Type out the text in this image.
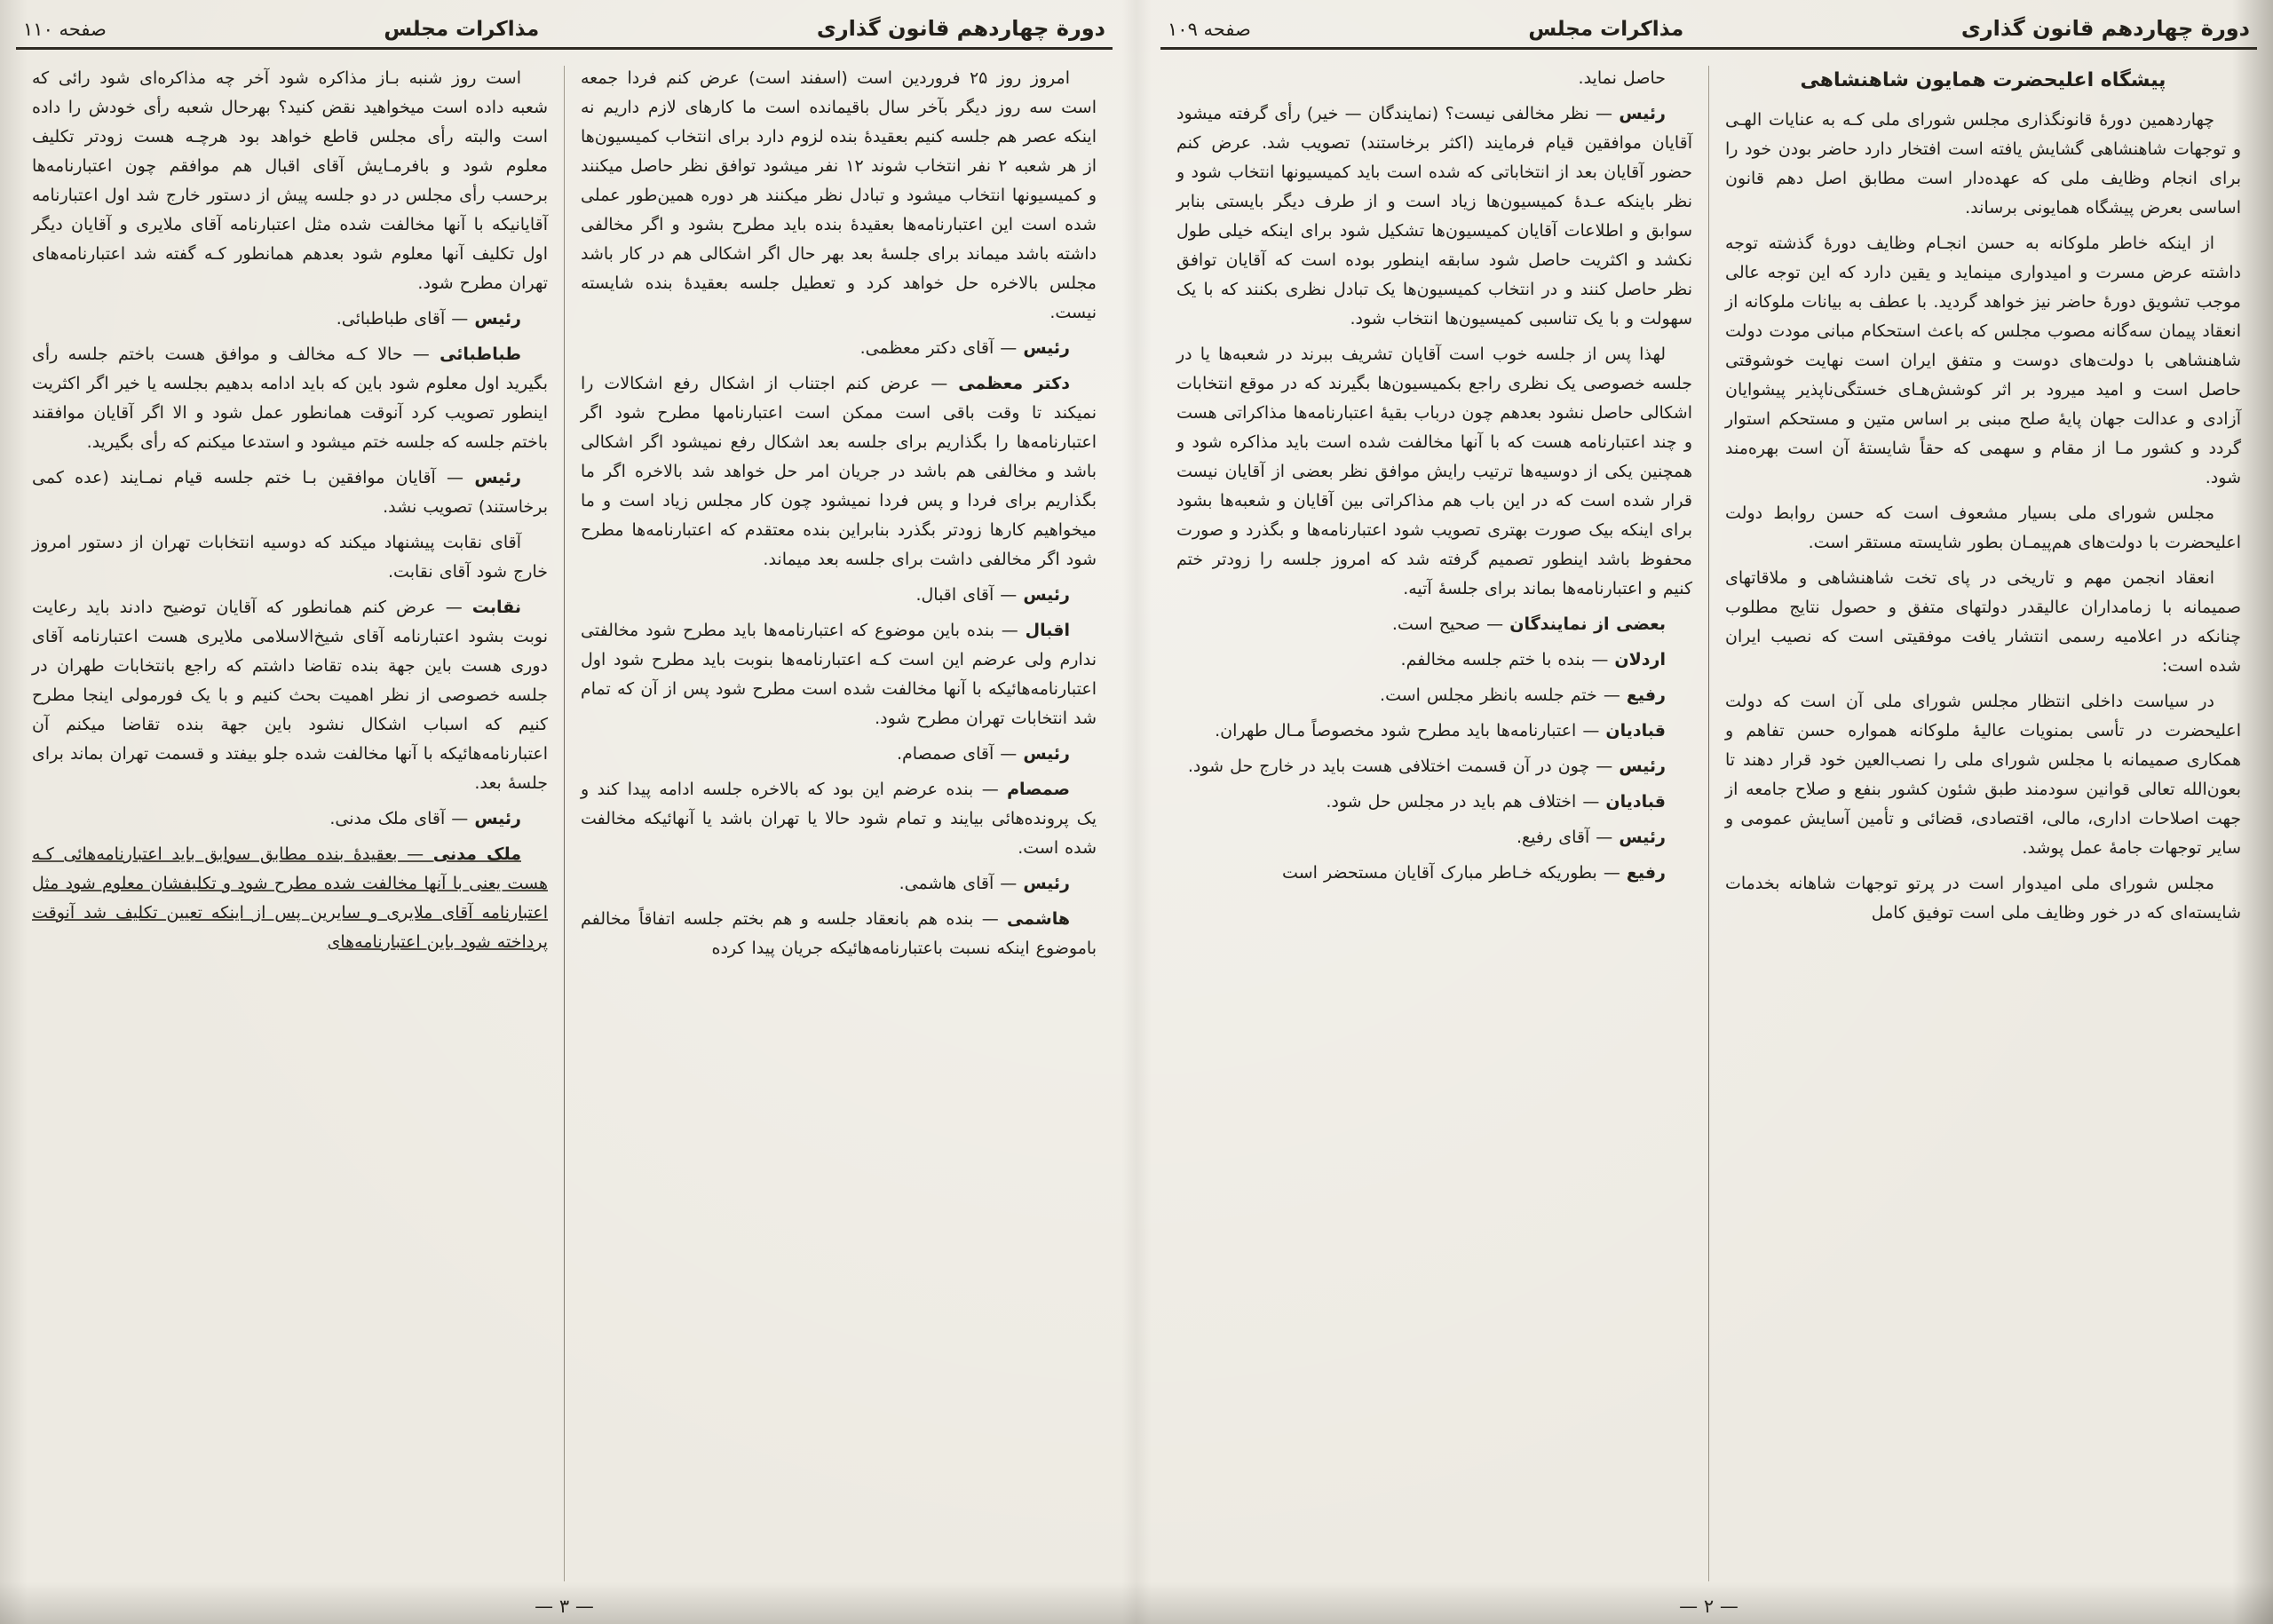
دورة چهاردهم قانون گذاری
مذاکرات مجلس
صفحه ۱۰۹
پیشگاه اعلیحضرت همایون شاهنشاهی

چهاردهمین دورهٔ قانونگذاری مجلس شورای ملی کـه به عنایات الهـی و توجهات شاهنشاهی گشایش یافته است افتخار دارد حاضر بودن خود را برای انجام وظایف ملی که عهده‌دار است مطابق اصل دهم قانون اساسی بعرض پیشگاه همایونی برساند.

از اینکه خاطر ملوکانه به حسن انجـام وظایف دورهٔ گذشته توجه داشته عرض مسرت و امیدواری مینماید و یقین دارد که این توجه عالی موجب تشویق دورهٔ حاضر نیز خواهد گردید. با عطف به بیانات ملوکانه از انعقاد پیمان سه‌گانه مصوب مجلس که باعث استحکام مبانی مودت دولت شاهنشاهی با دولت‌های دوست و متفق ایران است نهایت خوشوقتی حاصل است و امید میرود بر اثر کوشش‌هـای خستگی‌ناپذیر پیشوایان آزادی و عدالت جهان پایهٔ صلح مبنی بر اساس متین و مستحکم استوار گردد و کشور مـا از مقام و سهمی که حقاً شایستهٔ آن است بهره‌مند شود.

مجلس شورای ملی بسیار مشعوف است که حسن روابط دولت اعلیحضرت با دولت‌های هم‌پیمـان بطور شایسته مستقر است.

انعقاد انجمن مهم و تاریخی در پای تخت شاهنشاهی و ملاقاتهای صمیمانه با زمامداران عالیقدر دولتهای متفق و حصول نتایج مطلوب چنانکه در اعلامیه رسمی انتشار یافت موفقیتی است که نصیب ایران شده است:

در سیاست داخلی انتظار مجلس شورای ملی آن است که دولت اعلیحضرت در تأسی بمنویات عالیهٔ ملوکانه همواره حسن تفاهم و همکاری صمیمانه با مجلس شورای ملی را نصب‌العین خود قرار دهند تا بعون‌الله تعالی قوانین سودمند طبق شئون کشور بنفع و صلاح جامعه از جهت اصلاحات اداری، مالی، اقتصادی، قضائی و تأمین آسایش عمومی و سایر توجهات جامهٔ عمل پوشد.

مجلس شورای ملی امیدوار است در پرتو توجهات شاهانه بخدمات شایسته‌ای که در خور وظایف ملی است توفیق کامل

حاصل نماید.

رئیس — نظر مخالفی نیست؟ (نمایندگان — خیر) رأی گرفته میشود آقایان موافقین قیام فرمایند (اکثر برخاستند) تصویب شد. عرض کنم حضور آقایان بعد از انتخاباتی که شده است باید کمیسیونها انتخاب شود و نظر باینکه عـدهٔ کمیسیون‌ها زیاد است و از طرف دیگر بایستی بنابر سوابق و اطلاعات آقایان کمیسیون‌ها تشکیل شود برای اینکه خیلی طول نکشد و اکثریت حاصل شود سابقه اینطور بوده است که آقایان توافق نظر حاصل کنند و در انتخاب کمیسیون‌ها یک تبادل نظری بکنند که با یک سهولت و با یک تناسبی کمیسیون‌ها انتخاب شود.

لهذا پس از جلسه خوب است آقایان تشریف ببرند در شعبه‌ها یا در جلسه خصوصی یک نظری راجع بکمیسیون‌ها بگیرند که در موقع انتخابات اشکالی حاصل نشود بعدهم چون درباب بقیهٔ اعتبارنامه‌ها مذاکراتی هست و چند اعتبارنامه هست که با آنها مخالفت شده است باید مذاکره شود و همچنین یکی از دوسیه‌ها ترتیب رایش موافق نظر بعضی از آقایان نیست قرار شده است که در این باب هم مذاکراتی بین آقایان و شعبه‌ها بشود برای اینکه بیک صورت بهتری تصویب شود اعتبارنامه‌ها و بگذرد و صورت محفوظ باشد اینطور تصمیم گرفته شد که امروز جلسه را زودتر ختم کنیم و اعتبارنامه‌ها بماند برای جلسهٔ آتیه.

بعضی از نمایندگان — صحیح است.

اردلان — بنده با ختم جلسه مخالفم.

رفیع — ختم جلسه بانظر مجلس است.

قبادیان — اعتبارنامه‌ها باید مطرح شود مخصوصاً مـال طهران.

رئیس — چون در آن قسمت اختلافی هست باید در خارج حل شود.

قبادیان — اختلاف هم باید در مجلس حل شود.

رئیس — آقای رفیع.

رفیع — بطوریکه خـاطر مبارک آقایان مستحضر است

— ۲ —
دورة چهاردهم قانون گذاری
مذاکرات مجلس
صفحه ۱۱۰

امروز روز ۲۵ فروردین است (اسفند است) عرض کنم فردا جمعه است سه روز دیگر بآخر سال باقیمانده است ما کارهای لازم داریم نه اینکه عصر هم جلسه کنیم بعقیدهٔ بنده لزوم دارد برای انتخاب کمیسیون‌ها از هر شعبه ۲ نفر انتخاب شوند ۱۲ نفر میشود توافق نظر حاصل میکنند و کمیسیونها انتخاب میشود و تبادل نظر میکنند هر دوره همین‌طور عملی شده است این اعتبارنامه‌ها بعقیدهٔ بنده باید مطرح بشود و اگر مخالفی داشته باشد میماند برای جلسهٔ بعد بهر حال اگر اشکالی هم در کار باشد مجلس بالاخره حل خواهد کرد و تعطیل جلسه بعقیدهٔ بنده شایسته نیست.

رئیس — آقای دکتر معظمی.

دکتر معظمی — عرض کنم اجتناب از اشکال رفع اشکالات را نمیکند تا وقت باقی است ممکن است اعتبارنامها مطرح شود اگر اعتبارنامه‌ها را بگذاریم برای جلسه بعد اشکال رفع نمیشود اگر اشکالی باشد و مخالفی هم باشد در جریان امر حل خواهد شد بالاخره اگر ما بگذاریم برای فردا و پس فردا نمیشود چون کار مجلس زیاد است و ما میخواهیم کارها زودتر بگذرد بنابراین بنده معتقدم که اعتبارنامه‌ها مطرح شود اگر مخالفی داشت برای جلسه بعد میماند.

رئیس — آقای اقبال.

اقبال — بنده باین موضوع که اعتبارنامه‌ها باید مطرح شود مخالفتی ندارم ولی عرضم این است کـه اعتبارنامه‌ها بنوبت باید مطرح شود اول اعتبارنامه‌هائیکه با آنها مخالفت شده است مطرح شود پس از آن که تمام شد انتخابات تهران مطرح شود.

رئیس — آقای صمصام.

صمصام — بنده عرضم این بود که بالاخره جلسه ادامه پیدا کند و یک پرونده‌هائی بیایند و تمام شود حالا یا تهران باشد یا آنهائیکه مخالفت شده است.

رئیس — آقای هاشمی.

هاشمی — بنده هم بانعقاد جلسه و هم بختم جلسه اتفاقاً مخالفم باموضوع اینکه نسبت باعتبارنامه‌هائیکه جریان پیدا کرده

است روز شنبه بـاز مذاکره شود آخر چه مذاکره‌ای شود رائی که شعبه داده است میخواهید نقض کنید؟ بهرحال شعبه رأی خودش را داده است والبته رأی مجلس قاطع خواهد بود هرچـه هست زودتر تکلیف معلوم شود و بافرمـایش آقای اقبال هم موافقم چون اعتبارنامه‌ها برحسب رأی مجلس در دو جلسه پیش از دستور خارج شد اول اعتبارنامه آقایانیکه با آنها مخالفت شده مثل اعتبارنامه آقای ملایری و آقایان دیگر اول تکلیف آنها معلوم شود بعدهم همانطور کـه گفته شد اعتبارنامه‌های تهران مطرح شود.

رئیس — آقای طباطبائی.

طباطبائی — حالا کـه مخالف و موافق هست باختم جلسه رأی بگیرید اول معلوم شود باین که باید ادامه بدهیم بجلسه یا خیر اگر اکثریت اینطور تصویب کرد آنوقت همانطور عمل شود و الا اگر آقایان موافقند باختم جلسه که جلسه ختم میشود و استدعا میکنم که رأی بگیرید.

رئیس — آقایان موافقین بـا ختم جلسه قیام نمـایند (عده کمی برخاستند) تصویب نشد.

آقای نقابت پیشنهاد میکند که دوسیه انتخابات تهران از دستور امروز خارج شود آقای نقابت.

نقابت — عرض کنم همانطور که آقایان توضیح دادند باید رعایت نوبت بشود اعتبارنامه آقای شیخ‌الاسلامی ملایری هست اعتبارنامه آقای دوری هست باین جهة بنده تقاضا داشتم که راجع بانتخابات طهران در جلسه خصوصی از نظر اهمیت بحث کنیم و با یک فورمولی اینجا مطرح کنیم که اسباب اشکال نشود باین جهة بنده تقاضا میکنم آن اعتبارنامه‌هائیکه با آنها مخالفت شده جلو بیفتد و قسمت تهران بماند برای جلسهٔ بعد.

رئیس — آقای ملک مدنی.

ملک مدنی — بعقیدهٔ بنده مطابق سوابق باید اعتبارنامه‌هائی کـه هست یعنی با آنها مخالفت شده مطرح شود و تکلیفشان معلوم شود مثل اعتبارنامه آقای ملایری و سایرین پس از اینکه تعیین تکلیف شد آنوقت پرداخته شود باین اعتبارنامه‌های

— ۳ —
